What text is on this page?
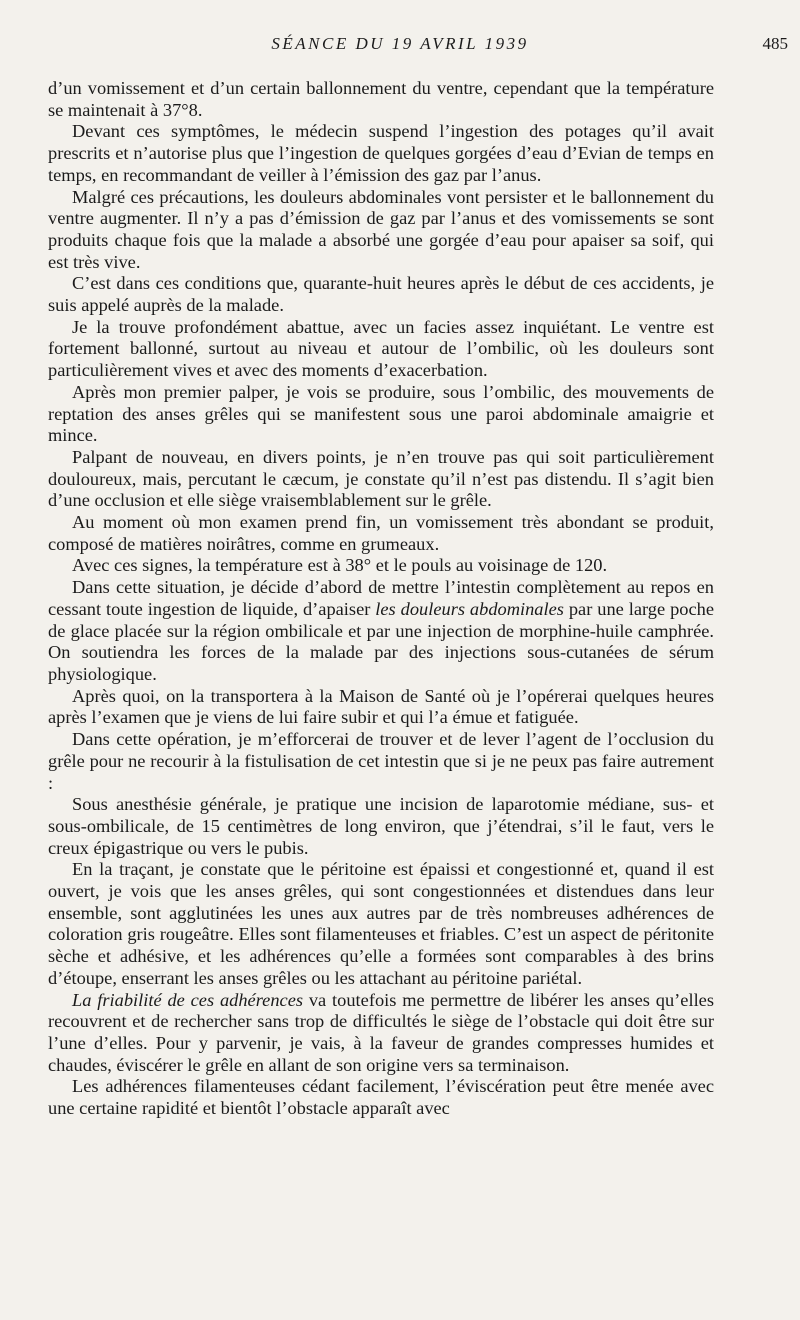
SÉANCE DU 19 AVRIL 1939	485

d’un vomissement et d’un certain ballonnement du ventre, cependant que la température se maintenait à 37°8.

Devant ces symptômes, le médecin suspend l’ingestion des potages qu’il avait prescrits et n’autorise plus que l’ingestion de quelques gorgées d’eau d’Evian de temps en temps, en recommandant de veiller à l’émission des gaz par l’anus.

Malgré ces précautions, les douleurs abdominales vont persister et le ballonnement du ventre augmenter. Il n’y a pas d’émission de gaz par l’anus et des vomissements se sont produits chaque fois que la malade a absorbé une gorgée d’eau pour apaiser sa soif, qui est très vive.

C’est dans ces conditions que, quarante-huit heures après le début de ces accidents, je suis appelé auprès de la malade.

Je la trouve profondément abattue, avec un facies assez inquiétant. Le ventre est fortement ballonné, surtout au niveau et autour de l’ombilic, où les douleurs sont particulièrement vives et avec des moments d’exacerbation.

Après mon premier palper, je vois se produire, sous l’ombilic, des mouvements de reptation des anses grêles qui se manifestent sous une paroi abdominale amaigrie et mince.

Palpant de nouveau, en divers points, je n’en trouve pas qui soit particulièrement douloureux, mais, percutant le cæcum, je constate qu’il n’est pas distendu. Il s’agit bien d’une occlusion et elle siège vraisemblablement sur le grêle.

Au moment où mon examen prend fin, un vomissement très abondant se produit, composé de matières noirâtres, comme en grumeaux.

Avec ces signes, la température est à 38° et le pouls au voisinage de 120.

Dans cette situation, je décide d’abord de mettre l’intestin complètement au repos en cessant toute ingestion de liquide, d’apaiser les douleurs abdominales par une large poche de glace placée sur la région ombilicale et par une injection de morphine-huile camphrée. On soutiendra les forces de la malade par des injections sous-cutanées de sérum physiologique.

Après quoi, on la transportera à la Maison de Santé où je l’opérerai quelques heures après l’examen que je viens de lui faire subir et qui l’a émue et fatiguée.

Dans cette opération, je m’efforcerai de trouver et de lever l’agent de l’occlusion du grêle pour ne recourir à la fistulisation de cet intestin que si je ne peux pas faire autrement :

Sous anesthésie générale, je pratique une incision de laparotomie médiane, sus- et sous-ombilicale, de 15 centimètres de long environ, que j’étendrai, s’il le faut, vers le creux épigastrique ou vers le pubis.

En la traçant, je constate que le péritoine est épaissi et congestionné et, quand il est ouvert, je vois que les anses grêles, qui sont congestionnées et distendues dans leur ensemble, sont agglutinées les unes aux autres par de très nombreuses adhérences de coloration gris rougeâtre. Elles sont filamenteuses et friables. C’est un aspect de péritonite sèche et adhésive, et les adhérences qu’elle a formées sont comparables à des brins d’étoupe, enserrant les anses grêles ou les attachant au péritoine pariétal.

La friabilité de ces adhérences va toutefois me permettre de libérer les anses qu’elles recouvrent et de rechercher sans trop de difficultés le siège de l’obstacle qui doit être sur l’une d’elles. Pour y parvenir, je vais, à la faveur de grandes compresses humides et chaudes, éviscérer le grêle en allant de son origine vers sa terminaison.

Les adhérences filamenteuses cédant facilement, l’éviscération peut être menée avec une certaine rapidité et bientôt l’obstacle apparaît avec
